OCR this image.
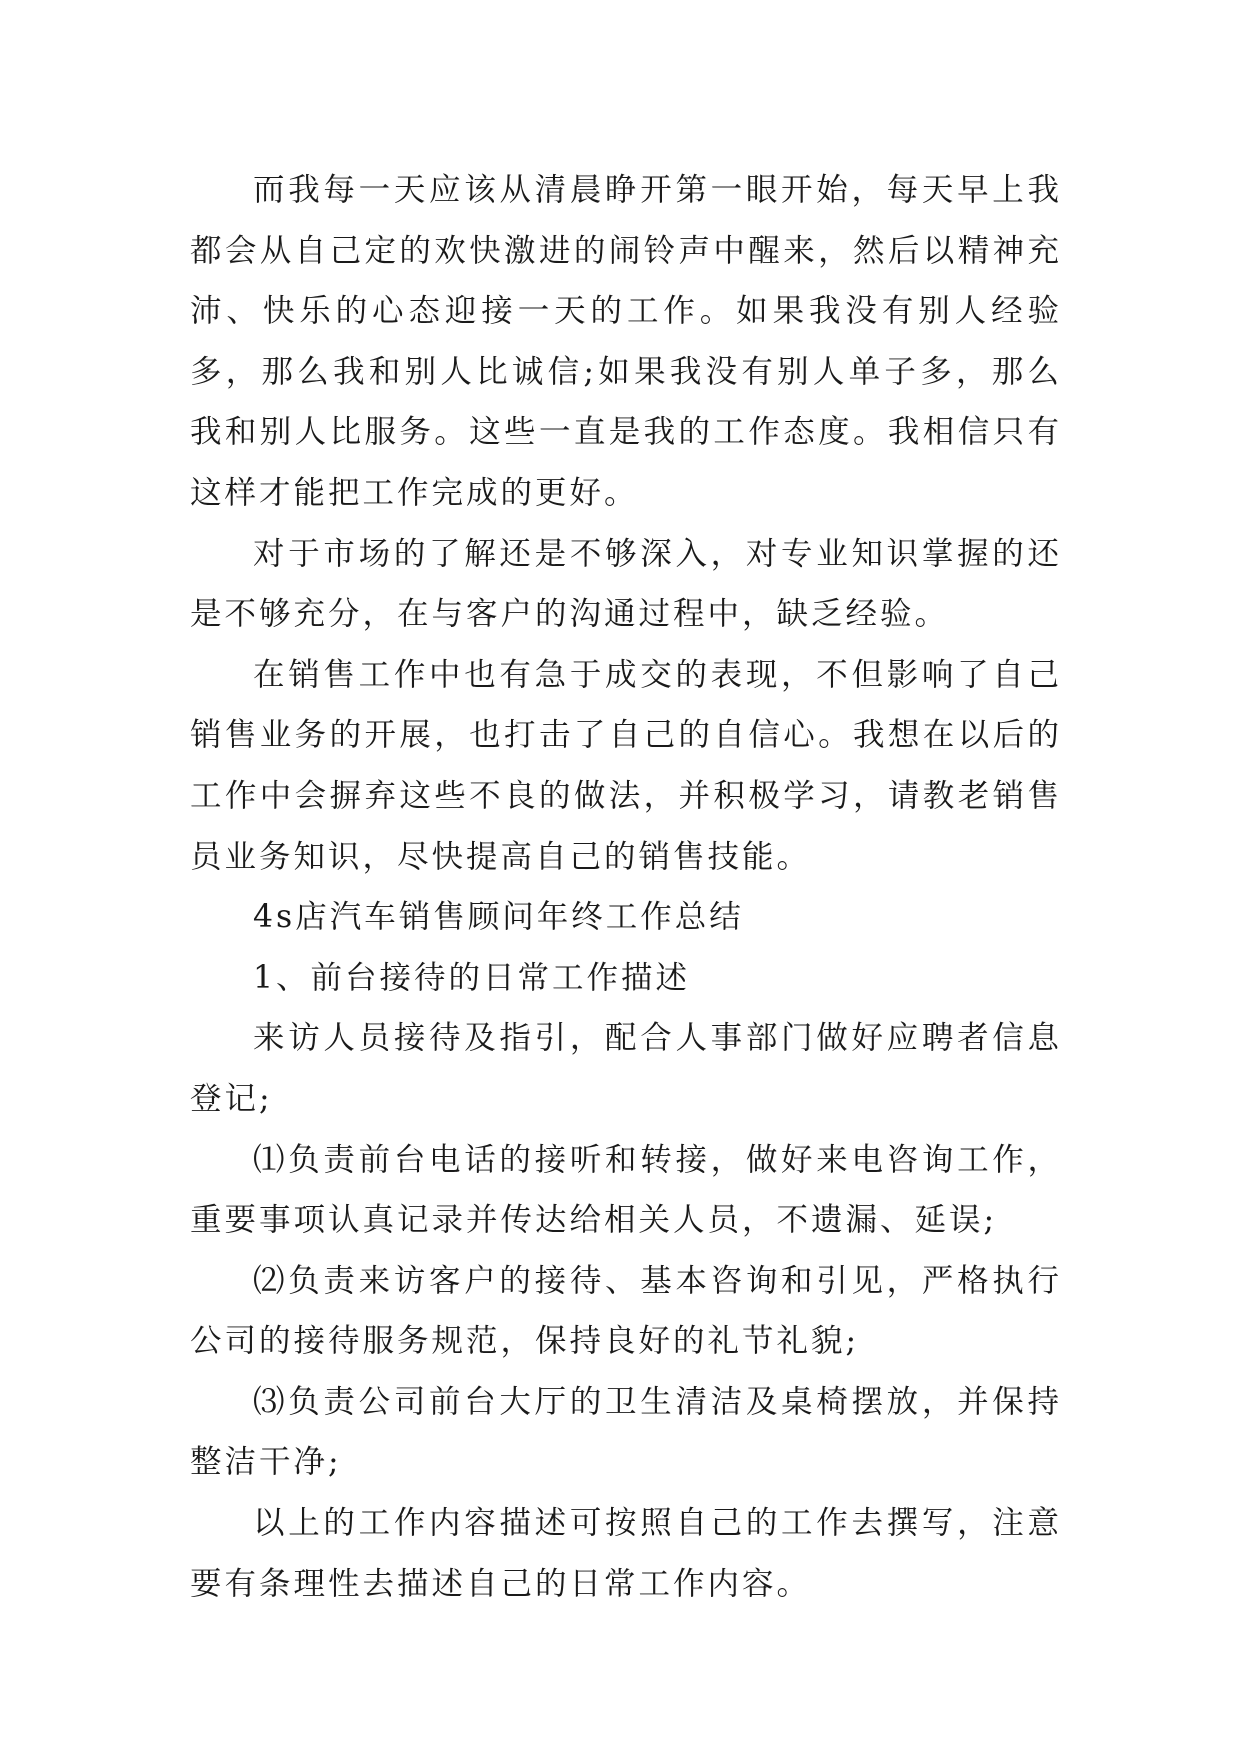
而我每一天应该从清晨睁开第一眼开始，每天早上我都会从自己定的欢快激进的闹铃声中醒来，然后以精神充沛、快乐的心态迎接一天的工作。如果我没有别人经验多，那么我和别人比诚信;如果我没有别人单子多，那么我和别人比服务。这些一直是我的工作态度。我相信只有这样才能把工作完成的更好。

对于市场的了解还是不够深入，对专业知识掌握的还是不够充分，在与客户的沟通过程中，缺乏经验。

在销售工作中也有急于成交的表现，不但影响了自己销售业务的开展，也打击了自己的自信心。我想在以后的工作中会摒弃这些不良的做法，并积极学习，请教老销售员业务知识，尽快提高自己的销售技能。

4s店汽车销售顾问年终工作总结

1、前台接待的日常工作描述

来访人员接待及指引，配合人事部门做好应聘者信息登记;

⑴负责前台电话的接听和转接，做好来电咨询工作，重要事项认真记录并传达给相关人员，不遗漏、延误;

⑵负责来访客户的接待、基本咨询和引见，严格执行公司的接待服务规范，保持良好的礼节礼貌;

⑶负责公司前台大厅的卫生清洁及桌椅摆放，并保持整洁干净;

以上的工作内容描述可按照自己的工作去撰写，注意要有条理性去描述自己的日常工作内容。
